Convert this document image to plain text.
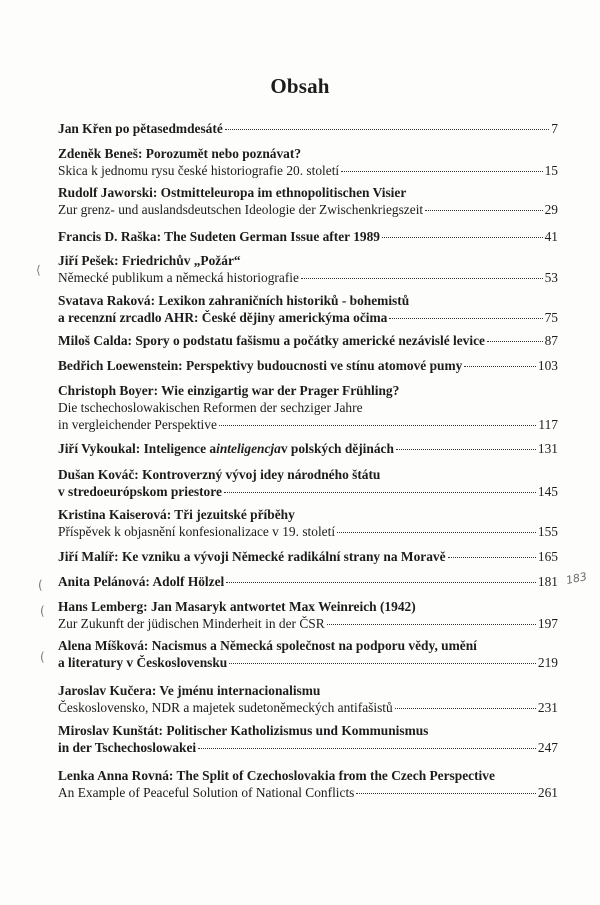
Obsah
Jan Křen po pětasedmdesáté	7
Zdeněk Beneš: Porozumět nebo poznávat?
Skica k jednomu rysu české historiografie 20. století	15
Rudolf Jaworski: Ostmitteleuropa im ethnopolitischen Visier
Zur grenz- und auslandsdeutschen Ideologie der Zwischenkriegszeit	29
Francis D. Raška: The Sudeten German Issue after 1989	41
Jiří Pešek: Friedrichův „Požár“
Německé publikum a německá historiografie	53
Svatava Raková: Lexikon zahraničních historiků - bohemistů
a recenzní zrcadlo AHR: České dějiny americkýma očima	75
Miloš Calda: Spory o podstatu fašismu a počátky americké nezávislé levice	87
Bedřich Loewenstein: Perspektivy budoucnosti ve stínu atomové pumy	103
Christoph Boyer: Wie einzigartig war der Prager Frühling?
Die tschechoslowakischen Reformen der sechziger Jahre
in vergleichender Perspektive	117
Jiří Vykoukal: Inteligence a inteligencja v polských dějinách	131
Dušan Kováč: Kontroverzný vývoj idey národného štátu
v stredoeurópskom priestore	145
Kristina Kaiserová: Tři jezuitské příběhy
Příspěvek k objasnění konfesionalizace v 19. století	155
Jiří Malíř: Ke vzniku a vývoji Německé radikální strany na Moravě	165
Anita Pelánová: Adolf Hölzel	181
Hans Lemberg: Jan Masaryk antwortet Max Weinreich (1942)
Zur Zukunft der jüdischen Minderheit in der ČSR	197
Alena Míšková: Nacismus a Německá společnost na podporu vědy, umění
a literatury v Československu	219
Jaroslav Kučera: Ve jménu internacionalismu
Československo, NDR a majetek sudetoněmeckých antifašistů	231
Miroslav Kunštát: Politischer Katholizismus und Kommunismus
in der Tschechoslowakei	247
Lenka Anna Rovná: The Split of Czechoslovakia from the Czech Perspective
An Example of Peaceful Solution of National Conflicts	261
183
⟨
(
(
(
